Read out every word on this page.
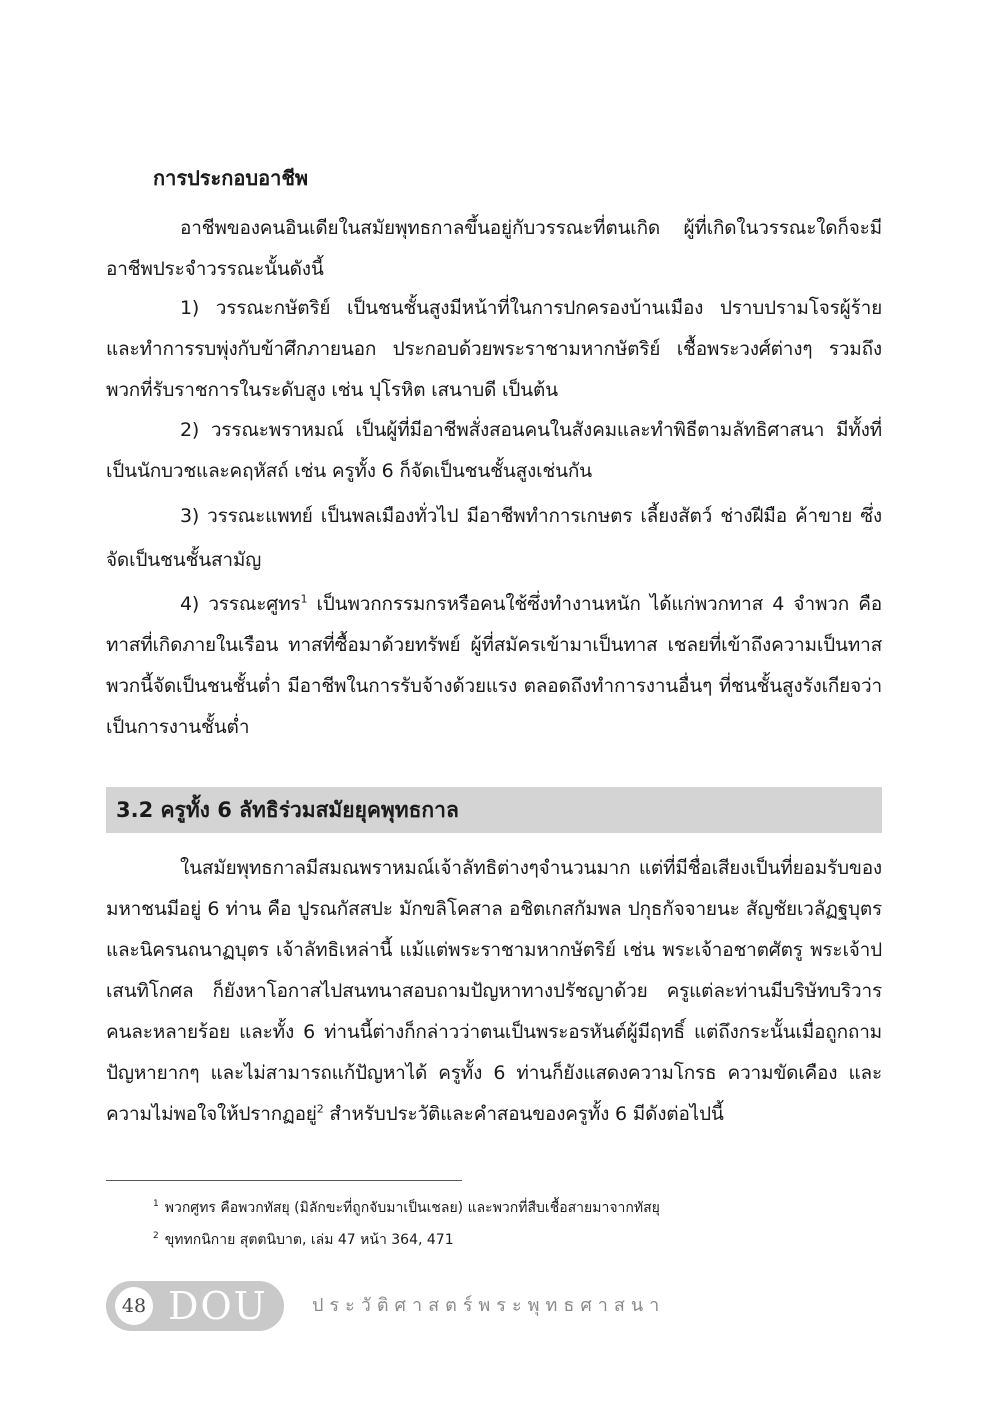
การประกอบอาชีพ

อาชีพของคนอินเดียในสมัยพุทธกาลขึ้นอยู่กับวรรณะที่ตนเกิด ผู้ที่เกิดในวรรณะใดก็จะมีอาชีพประจำวรรณะนั้นดังนี้

1) วรรณะกษัตริย์ เป็นชนชั้นสูงมีหน้าที่ในการปกครองบ้านเมือง ปราบปรามโจรผู้ร้ายและทำการรบพุ่งกับข้าศึกภายนอก ประกอบด้วยพระราชามหากษัตริย์ เชื้อพระวงศ์ต่างๆ รวมถึงพวกที่รับราชการในระดับสูง เช่น ปุโรหิต เสนาบดี เป็นต้น

2) วรรณะพราหมณ์ เป็นผู้ที่มีอาชีพสั่งสอนคนในสังคมและทำพิธีตามลัทธิศาสนา มีทั้งที่เป็นนักบวชและคฤหัสถ์ เช่น ครูทั้ง 6 ก็จัดเป็นชนชั้นสูงเช่นกัน

3) วรรณะแพทย์ เป็นพลเมืองทั่วไป มีอาชีพทำการเกษตร เลี้ยงสัตว์ ช่างฝีมือ ค้าขาย ซึ่งจัดเป็นชนชั้นสามัญ

4) วรรณะศูทร$^1$ เป็นพวกกรรมกรหรือคนใช้ซึ่งทำงานหนัก ได้แก่พวกทาส 4 จำพวก คือ ทาสที่เกิดภายในเรือน ทาสที่ซื้อมาด้วยทรัพย์ ผู้ที่สมัครเข้ามาเป็นทาส เชลยที่เข้าถึงความเป็นทาส พวกนี้จัดเป็นชนชั้นต่ำ มีอาชีพในการรับจ้างด้วยแรง ตลอดถึงทำการงานอื่นๆ ที่ชนชั้นสูงรังเกียจว่าเป็นการงานชั้นต่ำ

3.2 ครูทั้ง 6 ลัทธิร่วมสมัยยุคพุทธกาล

ในสมัยพุทธกาลมีสมณพราหมณ์เจ้าลัทธิต่างๆจำนวนมาก แต่ที่มีชื่อเสียงเป็นที่ยอมรับของมหาชนมีอยู่ 6 ท่าน คือ ปูรณกัสสปะ มักขลิโคสาล อชิตเกสกัมพล ปกุธกัจจายนะ สัญชัยเวลัฏฐบุตร และนิครนถนาฏบุตร เจ้าลัทธิเหล่านี้ แม้แต่พระราชามหากษัตริย์ เช่น พระเจ้าอชาตศัตรู พระเจ้าปเสนทิโกศล ก็ยังหาโอกาสไปสนทนาสอบถามปัญหาทางปรัชญาด้วย ครูแต่ละท่านมีบริษัทบริวารคนละหลายร้อย และทั้ง 6 ท่านนี้ต่างก็กล่าวว่าตนเป็นพระอรหันต์ผู้มีฤทธิ์ แต่ถึงกระนั้นเมื่อถูกถามปัญหายากๆ และไม่สามารถแก้ปัญหาได้ ครูทั้ง 6 ท่านก็ยังแสดงความโกรธ ความขัดเคือง และความไม่พอใจให้ปรากฏอยู่$^2$ สำหรับประวัติและคำสอนของครูทั้ง 6 มีดังต่อไปนี้

$^1$ พวกศูทร คือพวกทัสยุ (มิลักขะที่ถูกจับมาเป็นเชลย) และพวกที่สืบเชื้อสายมาจากทัสยุ

$^2$ ขุททกนิกาย สุตตนิบาต, เล่ม 47 หน้า 364, 471

48 DOU ประวัติศาสตร์พระพุทธศาสนา
